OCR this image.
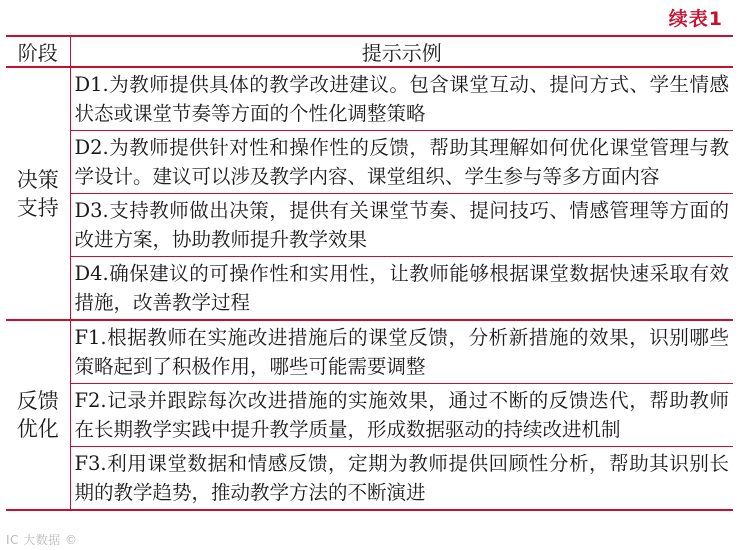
续表1
阶段	提示示例
决策
支持	D1.为教师提供具体的教学改进建议。包含课堂互动、提问方式、学生情感状态或课堂节奏等方面的个性化调整策略
	D2.为教师提供针对性和操作性的反馈，帮助其理解如何优化课堂管理与教学设计。建议可以涉及教学内容、课堂组织、学生参与等多方面内容
	D3.支持教师做出决策，提供有关课堂节奏、提问技巧、情感管理等方面的改进方案，协助教师提升教学效果
	D4.确保建议的可操作性和实用性，让教师能够根据课堂数据快速采取有效措施，改善教学过程
反馈
优化	F1.根据教师在实施改进措施后的课堂反馈，分析新措施的效果，识别哪些策略起到了积极作用，哪些可能需要调整
	F2.记录并跟踪每次改进措施的实施效果，通过不断的反馈迭代，帮助教师在长期教学实践中提升教学质量，形成数据驱动的持续改进机制
	F3.利用课堂数据和情感反馈，定期为教师提供回顾性分析，帮助其识别长期的教学趋势，推动教学方法的不断演进
IC 大数据 ©
